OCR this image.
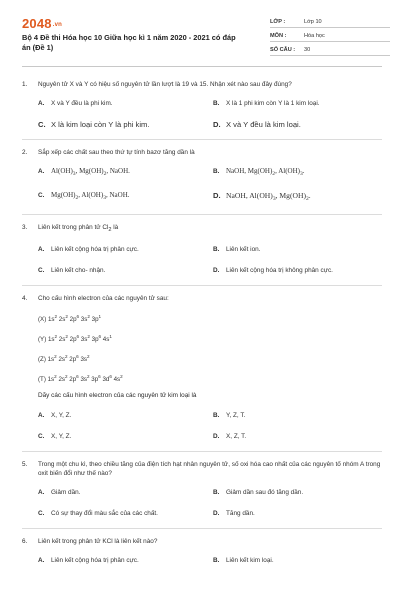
2048.vn
Bộ 4 Đề thi Hóa học 10 Giữa học kì 1 năm 2020 - 2021 có đáp án (Đề 1)
LỚP :	Lớp 10
MÔN :	Hóa học
SỐ CÂU :	30
1.	Nguyên tử X và Y có hiệu số nguyên tử lần lượt là 19 và 15. Nhận xét nào sau đây đúng?
A.	X và Y đều là phi kim.	B.	X là 1 phi kim còn Y là 1 kim loại.
C. X là kim loại còn Y là phi kim.	D. X và Y đều là kim loại.
2.	Sắp xếp các chất sau theo thứ tự tính bazơ tăng dần là
A. $Al(OH)_3$, $Mg(OH)_2$, NaOH.	B. NaOH, $Mg(OH)_2$, $Al(OH)_3$.
C. $Mg(OH)_2$, $Al(OH)_3$, NaOH.	D. NaOH, $Al(OH)_3$, $Mg(OH)_2$.
3.	Liên kết trong phân tử Cl2 là
A.	Liên kết cộng hóa trị phân cực.	B.	Liên kết ion.
C.	Liên kết cho- nhận.	D.	Liên kết cộng hóa trị không phân cực.
4.	Cho cấu hình electron của các nguyên tử sau:
(X) $1s^2$ $2s^2$ $2p^6$ $3s^2$ $3p^1$
(Y) $1s^2$ $2s^2$ $2p^6$ $3s^2$ $3p^6$ $4s^1$
(Z) $1s^2$ $2s^2$ $2p^6$ $3s^2$
(T) $1s^2$ $2s^2$ $2p^6$ $3s^2$ $3p^6$ $3d^6$ $4s^2$
Dãy các cấu hình electron của các nguyên tử kim loại là
A.	X, Y, Z.	B.	Y, Z, T.
C.	X, Y, Z.	D.	X, Z, T.
5.	Trong một chu kì, theo chiều tăng của điện tích hạt nhân nguyên tử, số oxi hóa cao nhất của các nguyên tố nhóm A trong oxit biến đổi như thế nào?
A.	Giảm dần.	B.	Giảm dần sau đó tăng dần.
C.	Có sự thay đổi màu sắc của các chất.	D.	Tăng dần.
6.	Liên kết trong phân tử KCl là liên kết nào?
A.	Liên kết cộng hóa trị phân cực.	B.	Liên kết kim loại.
